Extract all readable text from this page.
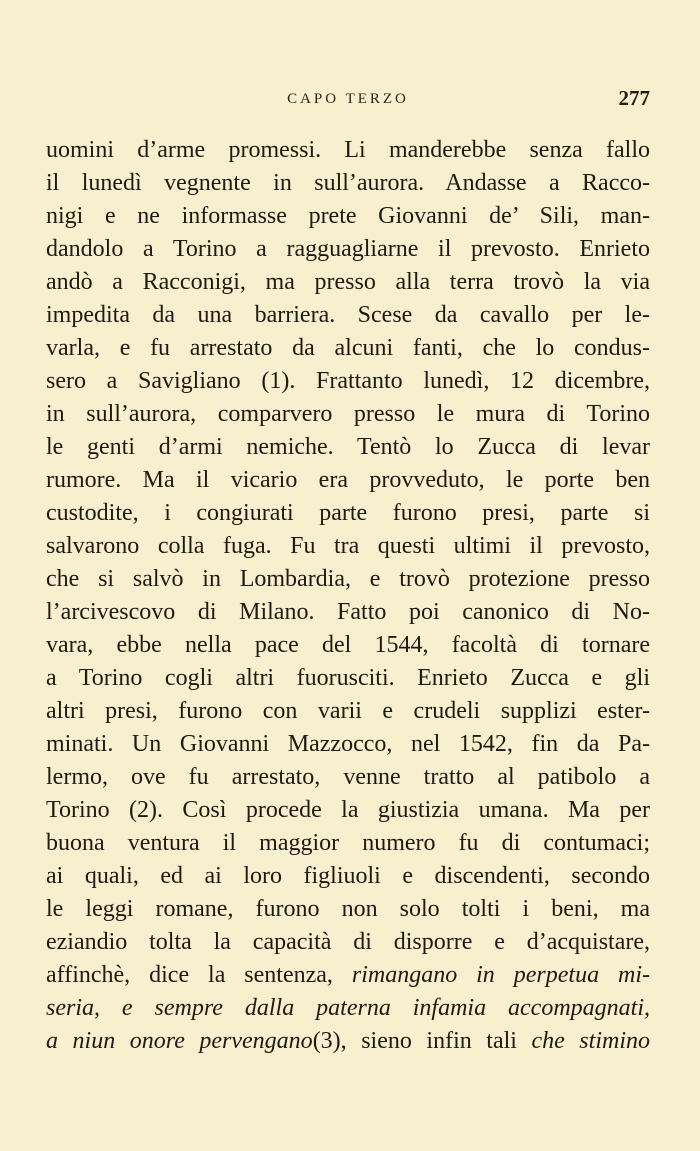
CAPO TERZO	277
uomini d’arme promessi. Li manderebbe senza fallo
il lunedì vegnente in sull’aurora. Andasse a Racco-
nigi e ne informasse prete Giovanni de’ Sili, man-
dandolo a Torino a ragguagliarne il prevosto. Enrieto
andò a Racconigi, ma presso alla terra trovò la via
impedita da una barriera. Scese da cavallo per le-
varla, e fu arrestato da alcuni fanti, che lo condus-
sero a Savigliano (1). Frattanto lunedì, 12 dicembre,
in sull’aurora, comparvero presso le mura di Torino
le genti d’armi nemiche. Tentò lo Zucca di levar
rumore. Ma il vicario era provveduto, le porte ben
custodite, i congiurati parte furono presi, parte si
salvarono colla fuga. Fu tra questi ultimi il prevosto,
che si salvò in Lombardia, e trovò protezione presso
l’arcivescovo di Milano. Fatto poi canonico di No-
vara, ebbe nella pace del 1544, facoltà di tornare
a Torino cogli altri fuorusciti. Enrieto Zucca e gli
altri presi, furono con varii e crudeli supplizi ester-
minati. Un Giovanni Mazzocco, nel 1542, fin da Pa-
lermo, ove fu arrestato, venne tratto al patibolo a
Torino (2). Così procede la giustizia umana. Ma per
buona ventura il maggior numero fu di contumaci;
ai quali, ed ai loro figliuoli e discendenti, secondo
le leggi romane, furono non solo tolti i beni, ma
eziandio tolta la capacità di disporre e d’acquistare,
affinchè, dice la sentenza, rimangano in perpetua mi-
seria, e sempre dalla paterna infamia accompagnati,
a niun onore pervengano(3), sieno infin tali che stimino
